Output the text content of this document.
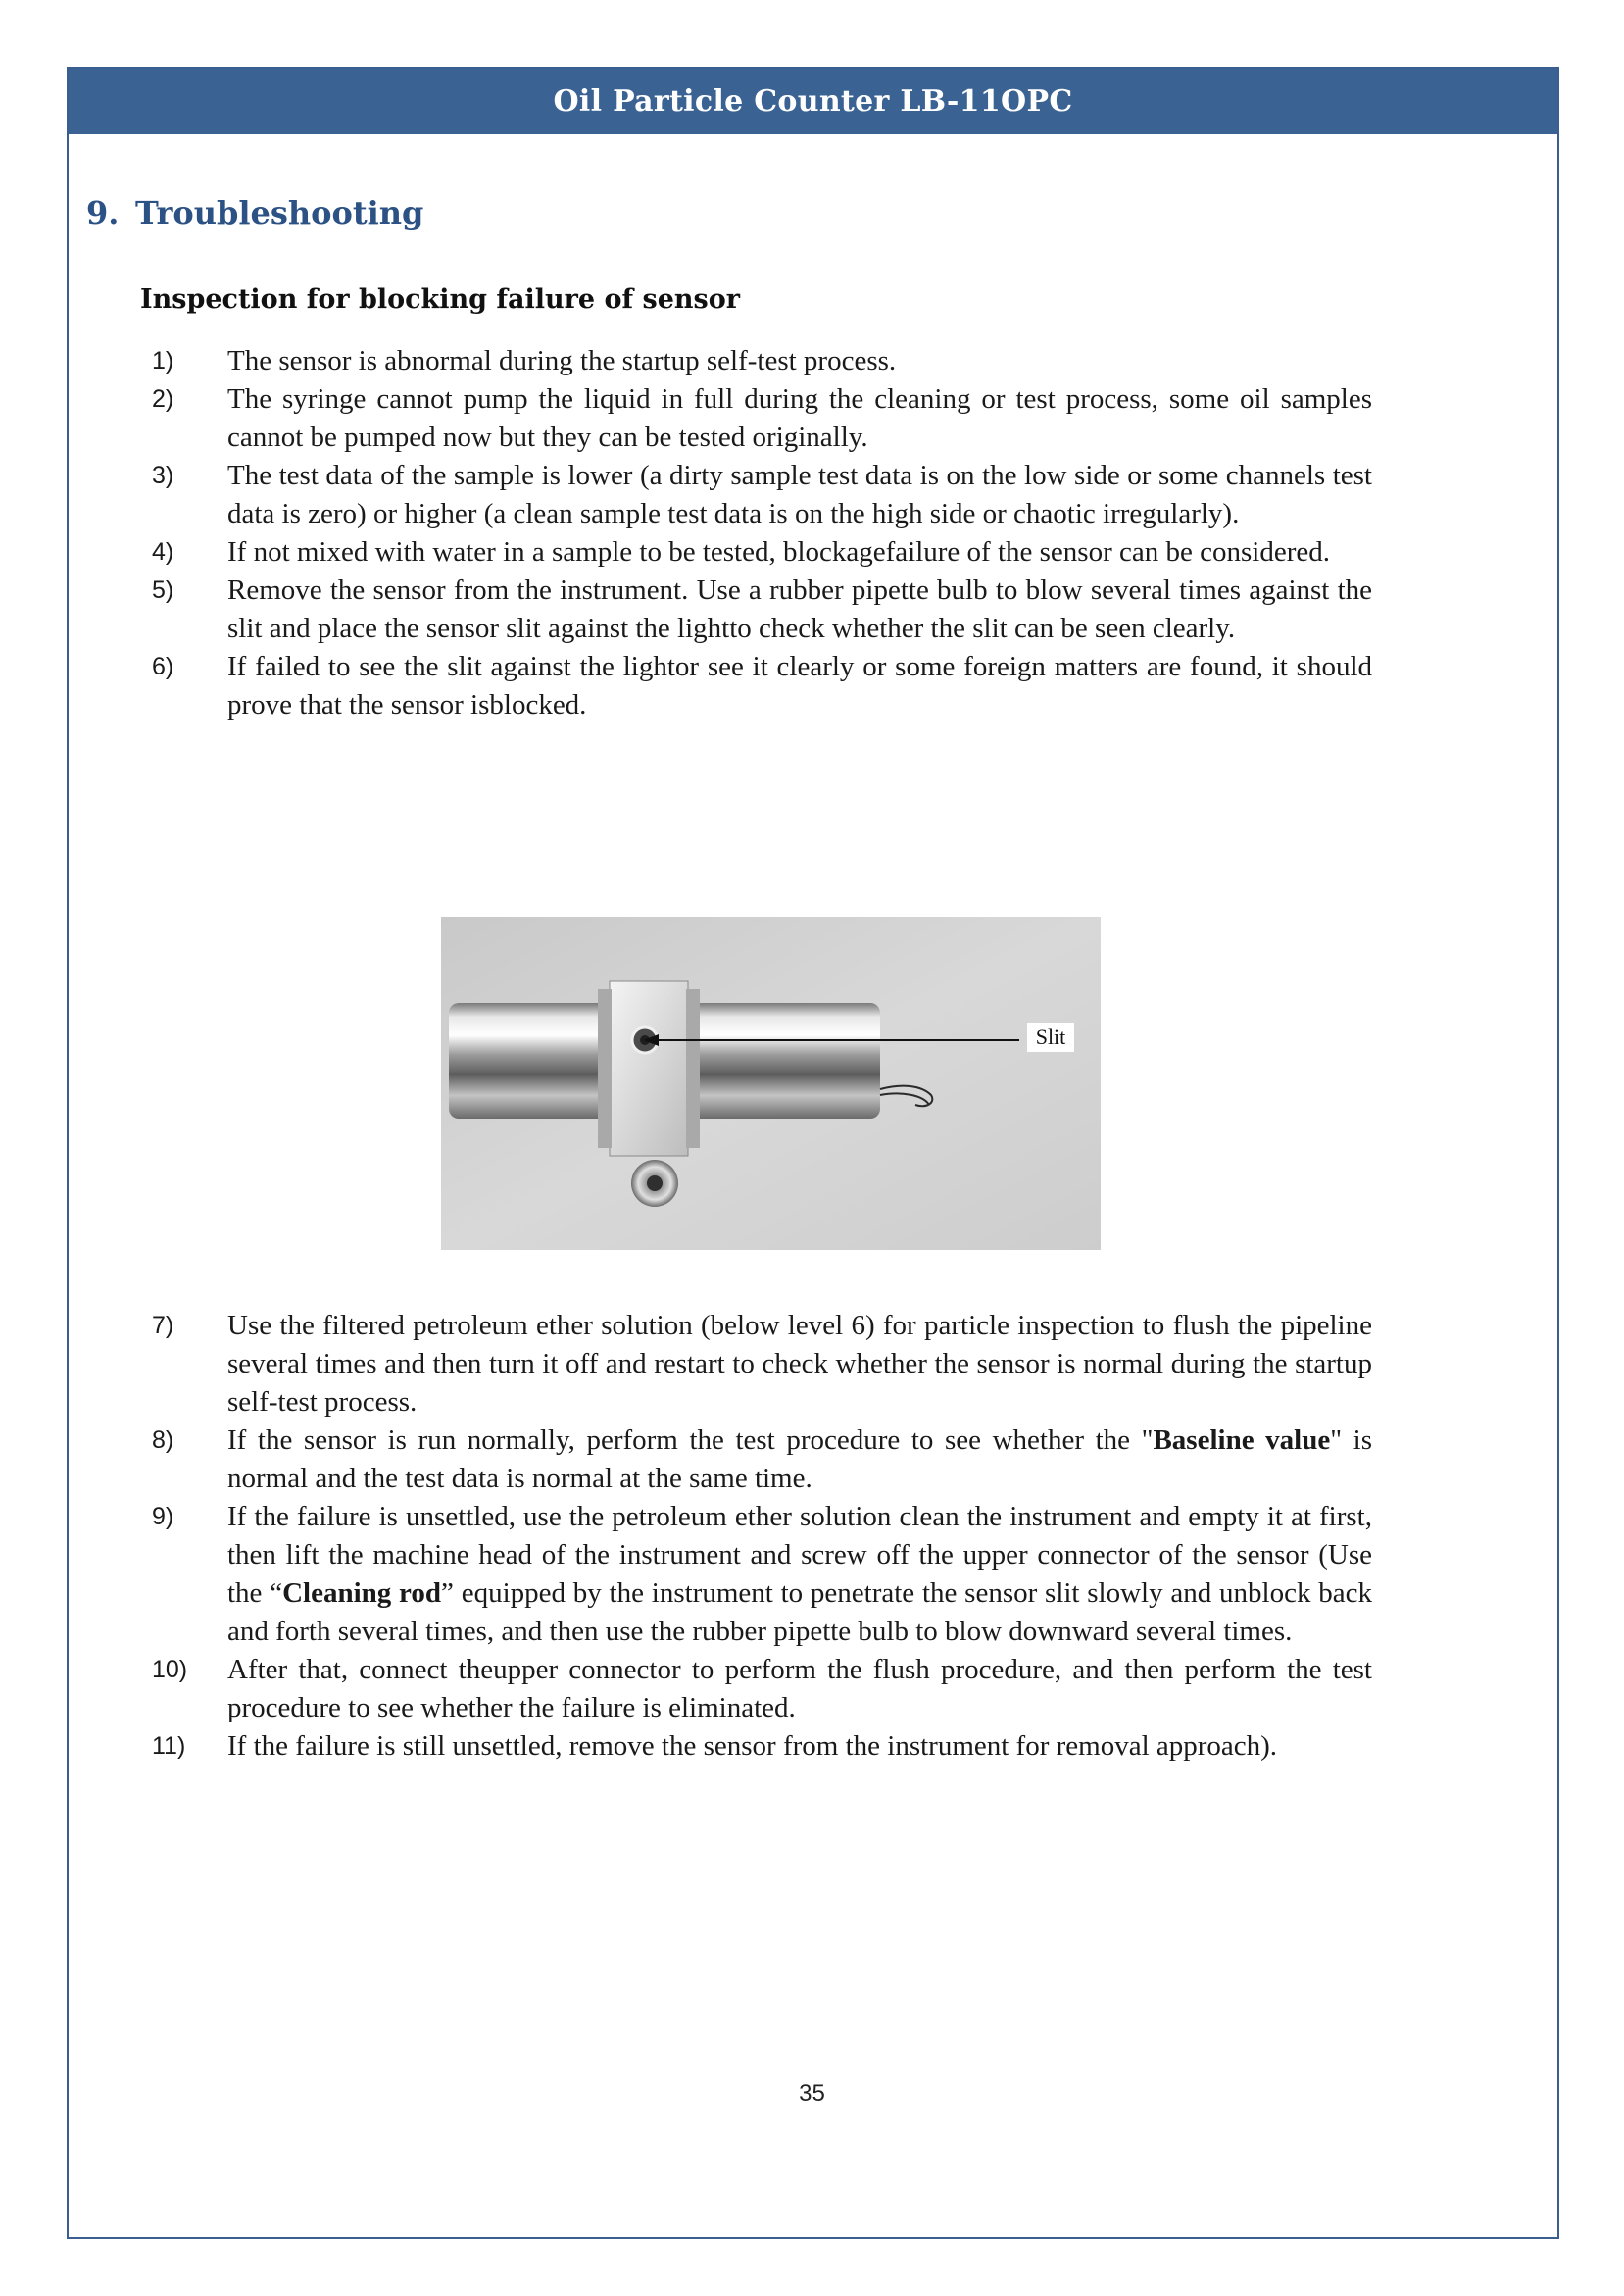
Oil Particle Counter LB-11OPC
9. Troubleshooting
Inspection for blocking failure of sensor
1) The sensor is abnormal during the startup self-test process.
2) The syringe cannot pump the liquid in full during the cleaning or test process, some oil samples cannot be pumped now but they can be tested originally.
3) The test data of the sample is lower (a dirty sample test data is on the low side or some channels test data is zero) or higher (a clean sample test data is on the high side or chaotic irregularly).
4) If not mixed with water in a sample to be tested, blockagefailure of the sensor can be considered.
5) Remove the sensor from the instrument. Use a rubber pipette bulb to blow several times against the slit and place the sensor slit against the lightto check whether the slit can be seen clearly.
6) If failed to see the slit against the lightor see it clearly or some foreign matters are found, it should prove that the sensor isblocked.
Slit
7) Use the filtered petroleum ether solution (below level 6) for particle inspection to flush the pipeline several times and then turn it off and restart to check whether the sensor is normal during the startup self-test process.
8) If the sensor is run normally, perform the test procedure to see whether the "Baseline value" is normal and the test data is normal at the same time.
9) If the failure is unsettled, use the petroleum ether solution clean the instrument and empty it at first, then lift the machine head of the instrument and screw off the upper connector of the sensor (Use the “Cleaning rod” equipped by the instrument to penetrate the sensor slit slowly and unblock back and forth several times, and then use the rubber pipette bulb to blow downward several times.
10) After that, connect theupper connector to perform the flush procedure, and then perform the test procedure to see whether the failure is eliminated.
11) If the failure is still unsettled, remove the sensor from the instrument for removal approach).
35
